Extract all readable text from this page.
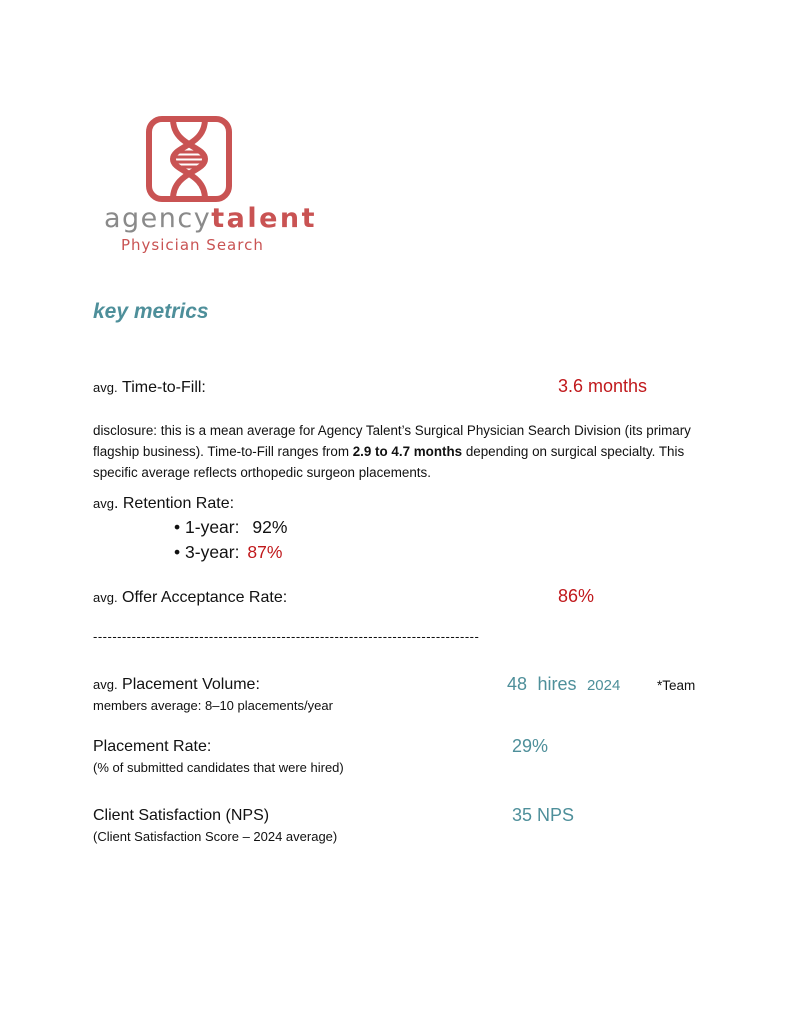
agencytalent
Physician Search
key metrics
avg. Time-to-Fill:	3.6 months
disclosure: this is a mean average for Agency Talent’s Surgical Physician Search Division (its primary flagship business). Time-to-Fill ranges from 2.9 to 4.7 months depending on surgical specialty. This specific average reflects orthopedic surgeon placements.
avg. Retention Rate:
• 1-year: 92%
• 3-year: 87%
avg. Offer Acceptance Rate:	86%
--------------------------------------------------------------------------------
avg. Placement Volume:	48 hires 2024	*Team
members average: 8–10 placements/year
Placement Rate:	29%
(% of submitted candidates that were hired)
Client Satisfaction (NPS)	35 NPS
(Client Satisfaction Score – 2024 average)
